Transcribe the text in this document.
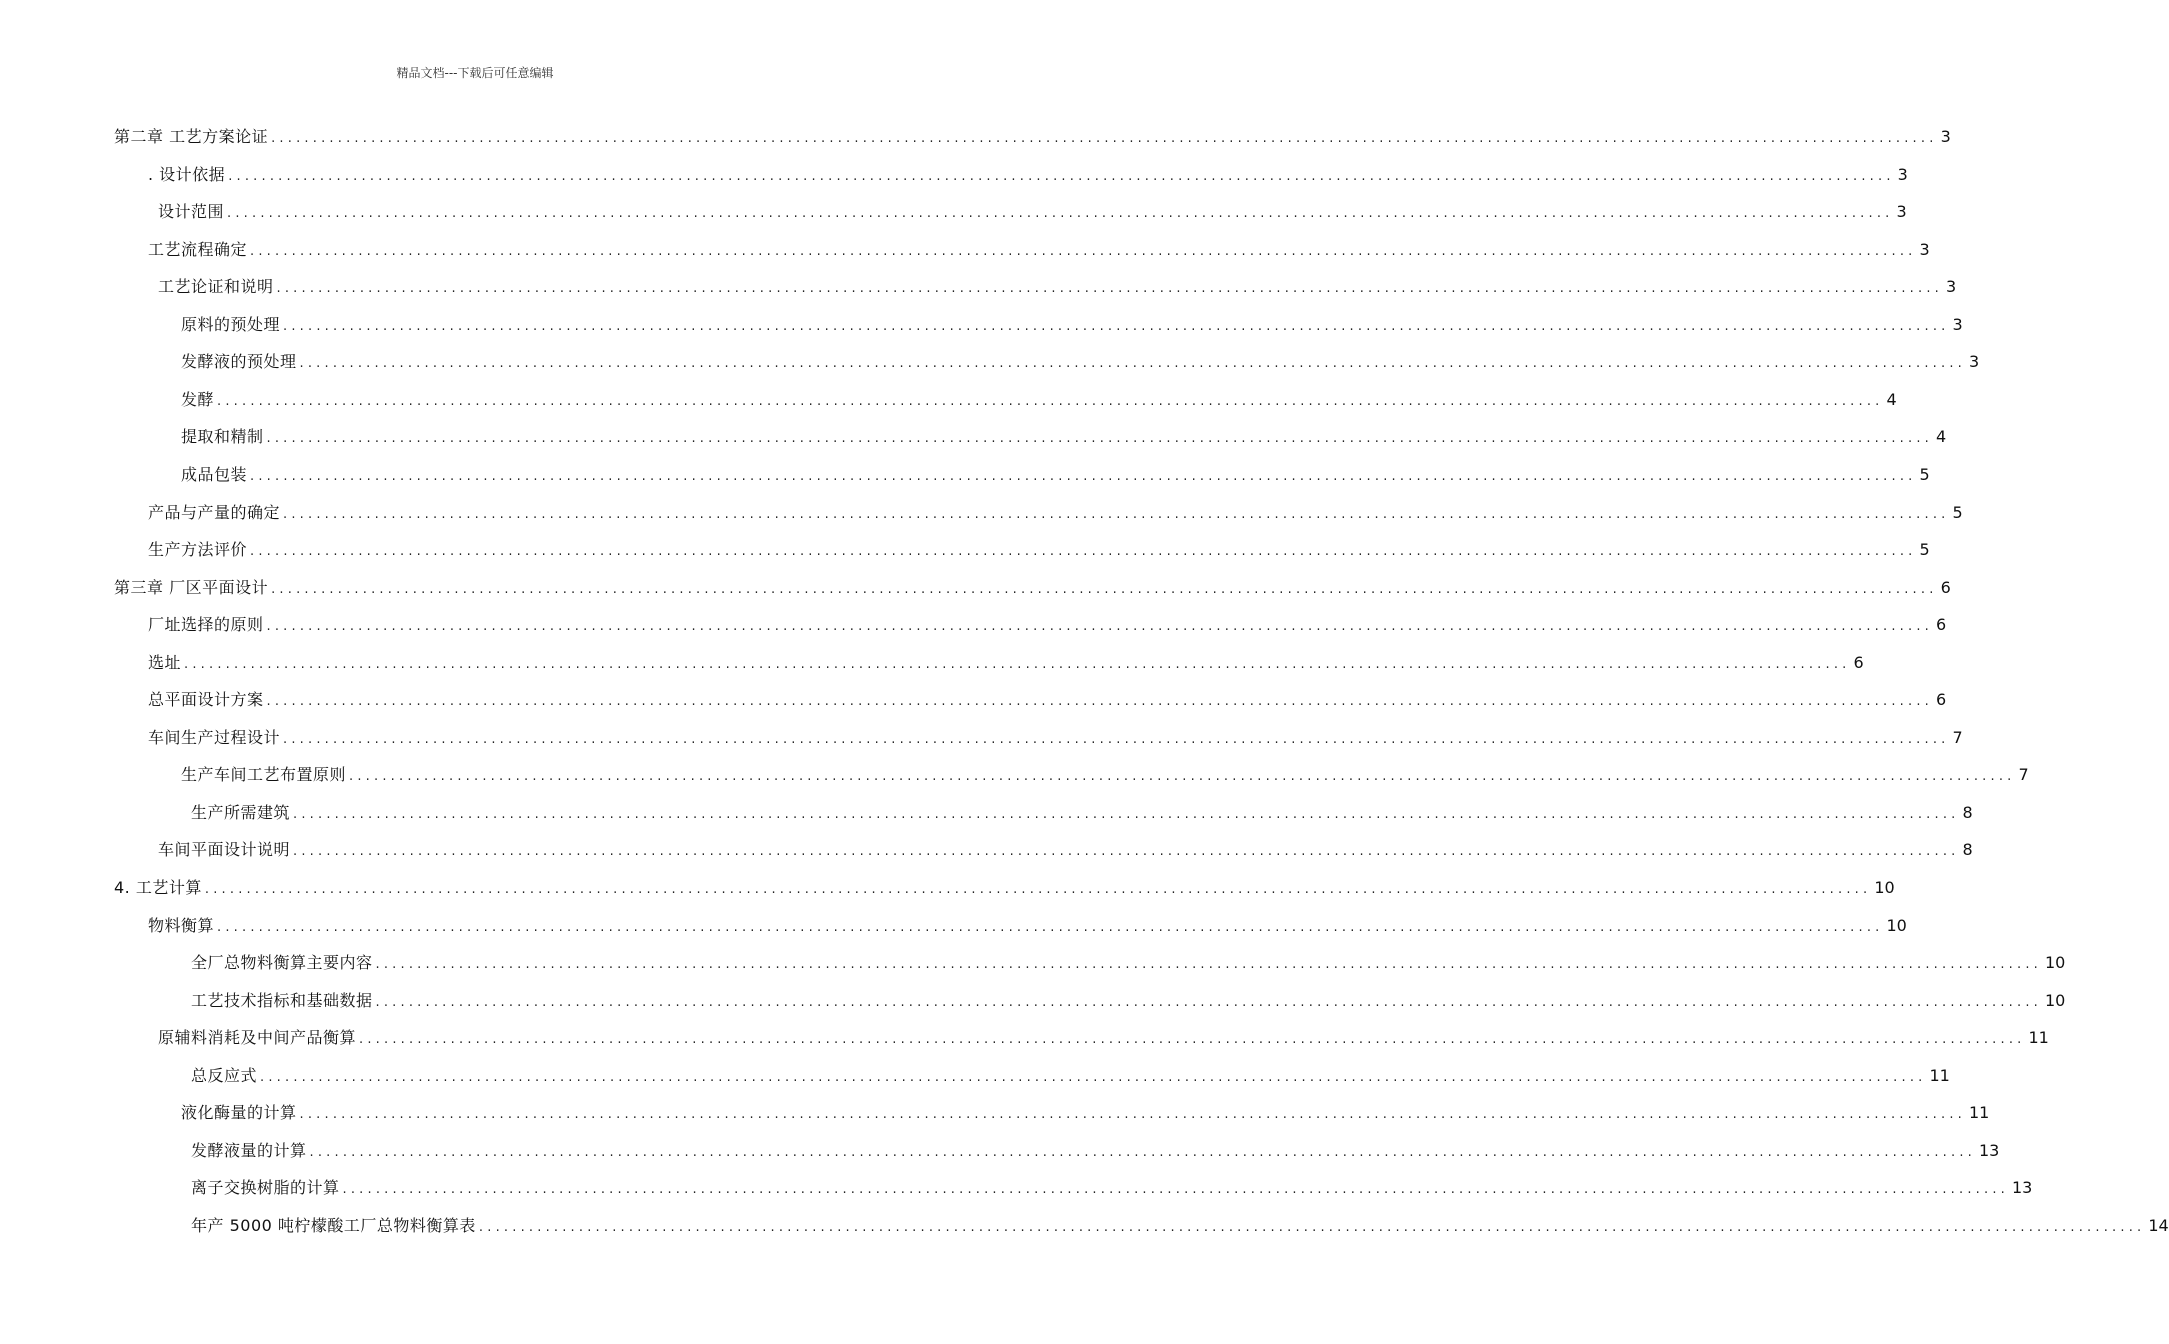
精品文档---下载后可任意编辑
第二章 工艺方案论证 ........................................................................................................................................................................................................ 3
. 设计依据 ........................................................................................................................................................................................................ 3
设计范围 ........................................................................................................................................................................................................ 3
工艺流程确定 ........................................................................................................................................................................................................ 3
工艺论证和说明 ........................................................................................................................................................................................................ 3
原料的预处理 ........................................................................................................................................................................................................ 3
发酵液的预处理 ........................................................................................................................................................................................................ 3
发酵 ........................................................................................................................................................................................................ 4
提取和精制 ........................................................................................................................................................................................................ 4
成品包装 ........................................................................................................................................................................................................ 5
产品与产量的确定 ........................................................................................................................................................................................................ 5
生产方法评价 ........................................................................................................................................................................................................ 5
第三章 厂区平面设计 ........................................................................................................................................................................................................ 6
厂址选择的原则 ........................................................................................................................................................................................................ 6
选址 ........................................................................................................................................................................................................ 6
总平面设计方案 ........................................................................................................................................................................................................ 6
车间生产过程设计 ........................................................................................................................................................................................................ 7
生产车间工艺布置原则 ........................................................................................................................................................................................................ 7
生产所需建筑 ........................................................................................................................................................................................................ 8
车间平面设计说明 ........................................................................................................................................................................................................ 8
4. 工艺计算 ........................................................................................................................................................................................................ 10
物料衡算 ........................................................................................................................................................................................................ 10
全厂总物料衡算主要内容 ........................................................................................................................................................................................................ 10
工艺技术指标和基础数据 ........................................................................................................................................................................................................ 10
原辅料消耗及中间产品衡算 ........................................................................................................................................................................................................ 11
总反应式 ........................................................................................................................................................................................................ 11
液化酶量的计算 ........................................................................................................................................................................................................ 11
发酵液量的计算 ........................................................................................................................................................................................................ 13
离子交换树脂的计算 ........................................................................................................................................................................................................ 13
年产 5000 吨柠檬酸工厂总物料衡算表 ........................................................................................................................................................................................................ 14
